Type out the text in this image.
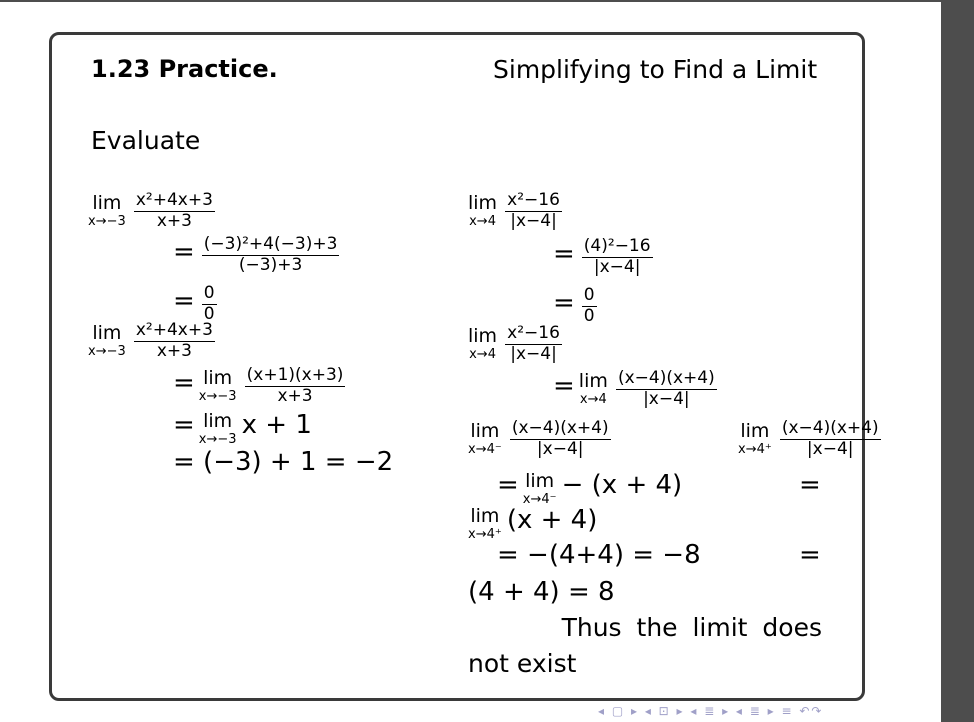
1.23 Practice.	Simplifying to Find a Limit
Evaluate
lim
x→−3
$\frac{\text{x²+4x+3}}{x+3}$
= $\frac{\text{(−3)²+4(−3)+3}}{(-3)+3}$
= $\frac{0}{0}$
lim
x→−3
$\frac{\text{x²+4x+3}}{x+3}$
= lim
x→−3
$\frac{(x+1)(x+3)}{x+3}$
= lim
x→−3 x + 1
= (−3) + 1 = −2
lim
x→4
$\frac{\text{x²−16}}{|x-4|}$
= $\frac{\text{(4)²−16}}{|x-4|}$
= $\frac{0}{0}$
lim
x→4
$\frac{\text{x²−16}}{|x-4|}$
= lim
x→4
$\frac{(x-4)(x+4)}{|x-4|}$
lim
x→4⁻
$\frac{(x-4)(x+4)}{|x-4|}$	lim
x→4⁺
$\frac{(x-4)(x+4)}{|x-4|}$
= lim
x→4⁻ − (x + 4)	=
lim
x→4⁺ (x + 4)
= −(4+4) = −8	=
(4 + 4) = 8
Thus the limit does
not exist
◂ ▢ ▸ ◂ ⊡ ▸ ◂ ≣ ▸ ◂ ≣ ▸ ≡ ↶↷
